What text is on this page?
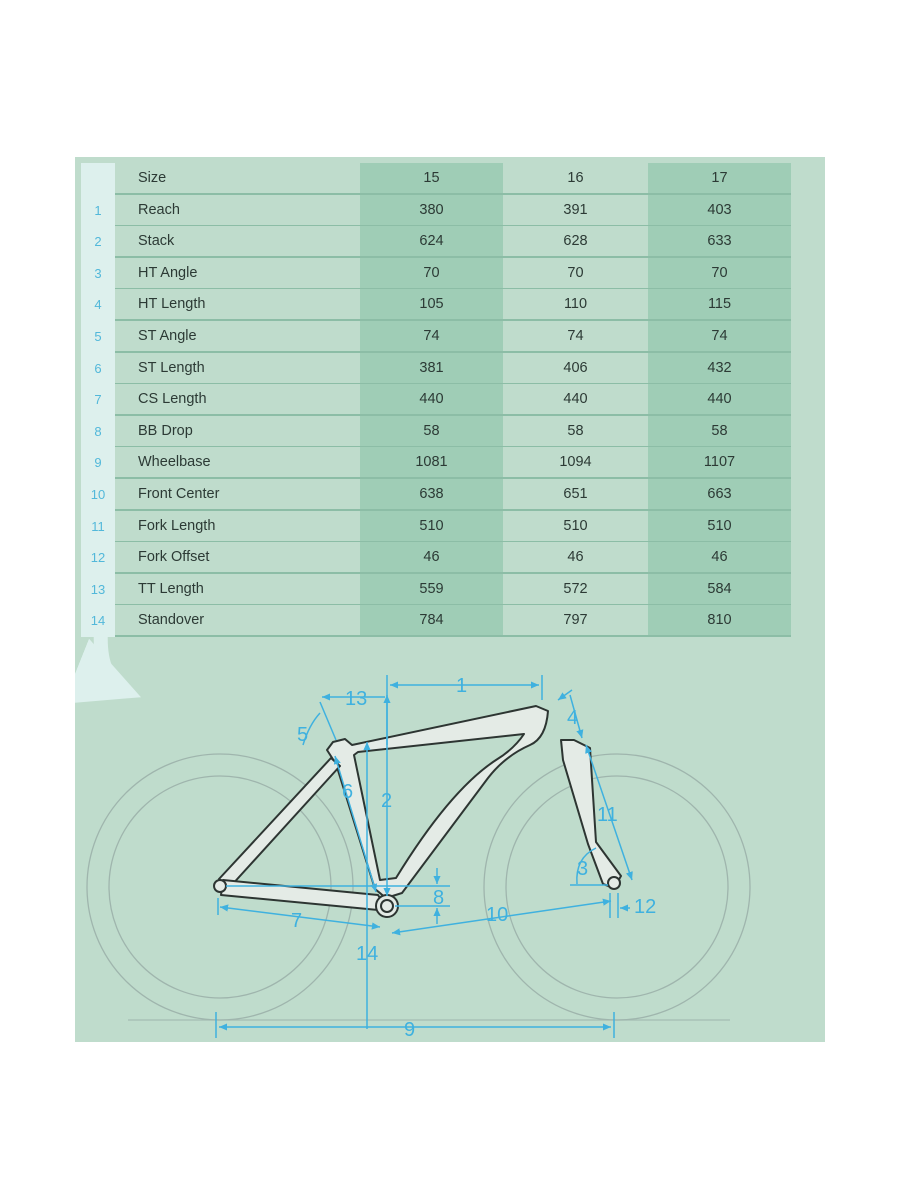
Size	15	16	17
1	Reach	380	391	403
2	Stack	624	628	633
3	HT Angle	70	70	70
4	HT Length	105	110	115
5	ST Angle	74	74	74
6	ST Length	381	406	432
7	CS Length	440	440	440
8	BB Drop	58	58	58
9	Wheelbase	1081	1094	1107
10	Front Center	638	651	663
11	Fork Length	510	510	510
12	Fork Offset	46	46	46
13	TT Length	559	572	584
14	Standover	784	797	810
1
2
3
4
5
6
7
8
9
10
11
12
13
14
